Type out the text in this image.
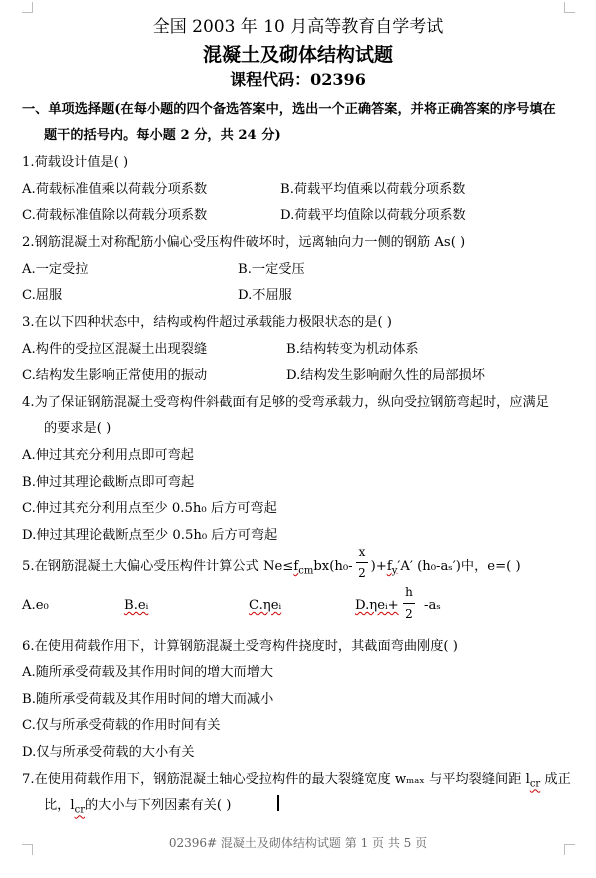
全国 2003 年 10 月高等教育自学考试
混凝土及砌体结构试题
课程代码：02396
一、单项选择题(在每小题的四个备选答案中，选出一个正确答案，并将正确答案的序号填在
题干的括号内。每小题 2 分，共 24 分)
1.荷载设计值是( )
A.荷载标准值乘以荷载分项系数	B.荷载平均值乘以荷载分项系数
C.荷载标准值除以荷载分项系数	D.荷载平均值除以荷载分项系数
2.钢筋混凝土对称配筋小偏心受压构件破坏时，远离轴向力一侧的钢筋 As( )
A.一定受拉	B.一定受压
C.屈服	D.不屈服
3.在以下四种状态中，结构或构件超过承载能力极限状态的是( )
A.构件的受拉区混凝土出现裂缝	B.结构转变为机动体系
C.结构发生影响正常使用的振动	D.结构发生影响耐久性的局部损坏
4.为了保证钢筋混凝土受弯构件斜截面有足够的受弯承载力，纵向受拉钢筋弯起时，应满足
的要求是( )
A.伸过其充分利用点即可弯起
B.伸过其理论截断点即可弯起
C.伸过其充分利用点至少 0.5h₀ 后方可弯起
D.伸过其理论截断点至少 0.5h₀ 后方可弯起
5.在钢筋混凝土大偏心受压构件计算公式 $Ne\le f_{cm}bx(h_0-$ )$+f_y'A'$ (h₀-aₛ′)中，e=( )
x
2
A.e₀	B.eᵢ	C.ηeᵢ	D.ηeᵢ+
h
2
-aₛ
6.在使用荷载作用下，计算钢筋混凝土受弯构件挠度时，其截面弯曲刚度( )
A.随所承受荷载及其作用时间的增大而增大
B.随所承受荷载及其作用时间的增大而减小
C.仅与所承受荷载的作用时间有关
D.仅与所承受荷载的大小有关
7.在使用荷载作用下，钢筋混凝土轴心受拉构件的最大裂缝宽度 wₘₐₓ 与平均裂缝间距 $l_{cr}$ 成正
比，$l_{cr}$的大小与下列因素有关( )
02396# 混凝土及砌体结构试题 第 1 页 共 5 页
